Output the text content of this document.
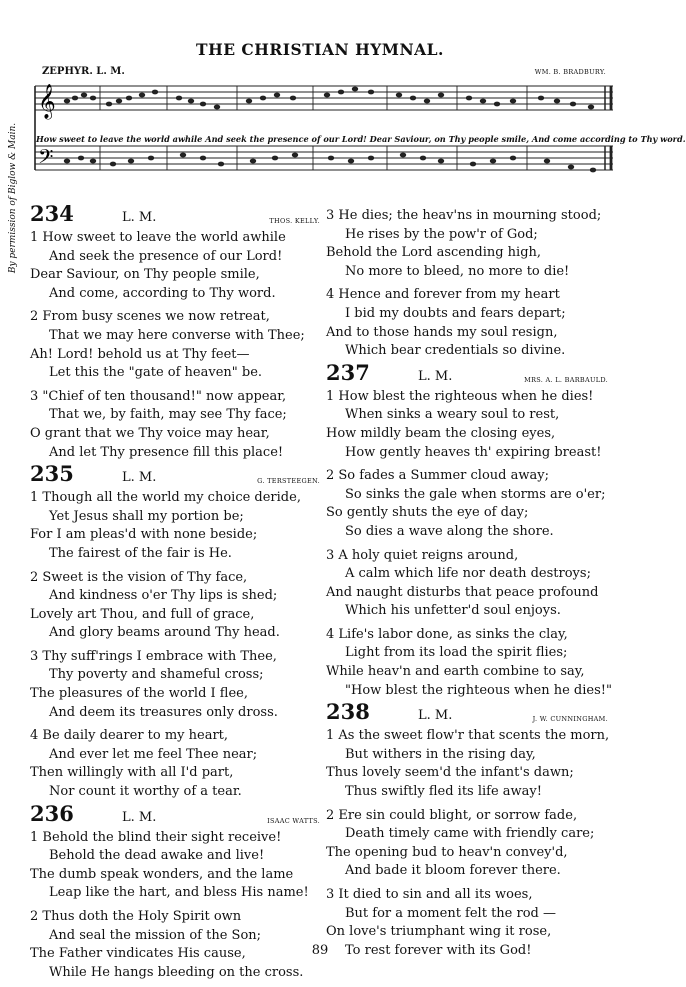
THE CHRISTIAN HYMNAL.
By permission of Biglow & Main.
𝄞
𝄢
ZEPHYR. L. M.	WM. B. BRADBURY.
How sweet to leave the world awhile And seek the presence of our Lord! Dear Saviour, on Thy people smile, And come according to Thy word.
234	L. M.	THOS. KELLY.
1 How sweet to leave the world awhile
And seek the presence of our Lord!
Dear Saviour, on Thy people smile,
And come, according to Thy word.
2 From busy scenes we now retreat,
That we may here converse with Thee;
Ah! Lord! behold us at Thy feet—
Let this the "gate of heaven" be.
3 "Chief of ten thousand!" now appear,
That we, by faith, may see Thy face;
O grant that we Thy voice may hear,
And let Thy presence fill this place!
235	L. M.	G. TERSTEEGEN.
1 Though all the world my choice deride,
Yet Jesus shall my portion be;
For I am pleas'd with none beside;
The fairest of the fair is He.
2 Sweet is the vision of Thy face,
And kindness o'er Thy lips is shed;
Lovely art Thou, and full of grace,
And glory beams around Thy head.
3 Thy suff'rings I embrace with Thee,
Thy poverty and shameful cross;
The pleasures of the world I flee,
And deem its treasures only dross.
4 Be daily dearer to my heart,
And ever let me feel Thee near;
Then willingly with all I'd part,
Nor count it worthy of a tear.
236	L. M.	ISAAC WATTS.
1 Behold the blind their sight receive!
Behold the dead awake and live!
The dumb speak wonders, and the lame
Leap like the hart, and bless His name!
2 Thus doth the Holy Spirit own
And seal the mission of the Son;
The Father vindicates His cause,
While He hangs bleeding on the cross.
3 He dies; the heav'ns in mourning stood;
He rises by the pow'r of God;
Behold the Lord ascending high,
No more to bleed, no more to die!
4 Hence and forever from my heart
I bid my doubts and fears depart;
And to those hands my soul resign,
Which bear credentials so divine.
237	L. M.	MRS. A. L. BARBAULD.
1 How blest the righteous when he dies!
When sinks a weary soul to rest,
How mildly beam the closing eyes,
How gently heaves th' expiring breast!
2 So fades a Summer cloud away;
So sinks the gale when storms are o'er;
So gently shuts the eye of day;
So dies a wave along the shore.
3 A holy quiet reigns around,
A calm which life nor death destroys;
And naught disturbs that peace profound
Which his unfetter'd soul enjoys.
4 Life's labor done, as sinks the clay,
Light from its load the spirit flies;
While heav'n and earth combine to say,
"How blest the righteous when he dies!"
238	L. M.	J. W. CUNNINGHAM.
1 As the sweet flow'r that scents the morn,
But withers in the rising day,
Thus lovely seem'd the infant's dawn;
Thus swiftly fled its life away!
2 Ere sin could blight, or sorrow fade,
Death timely came with friendly care;
The opening bud to heav'n convey'd,
And bade it bloom forever there.
3 It died to sin and all its woes,
But for a moment felt the rod —
On love's triumphant wing it rose,
To rest forever with its God!
89
